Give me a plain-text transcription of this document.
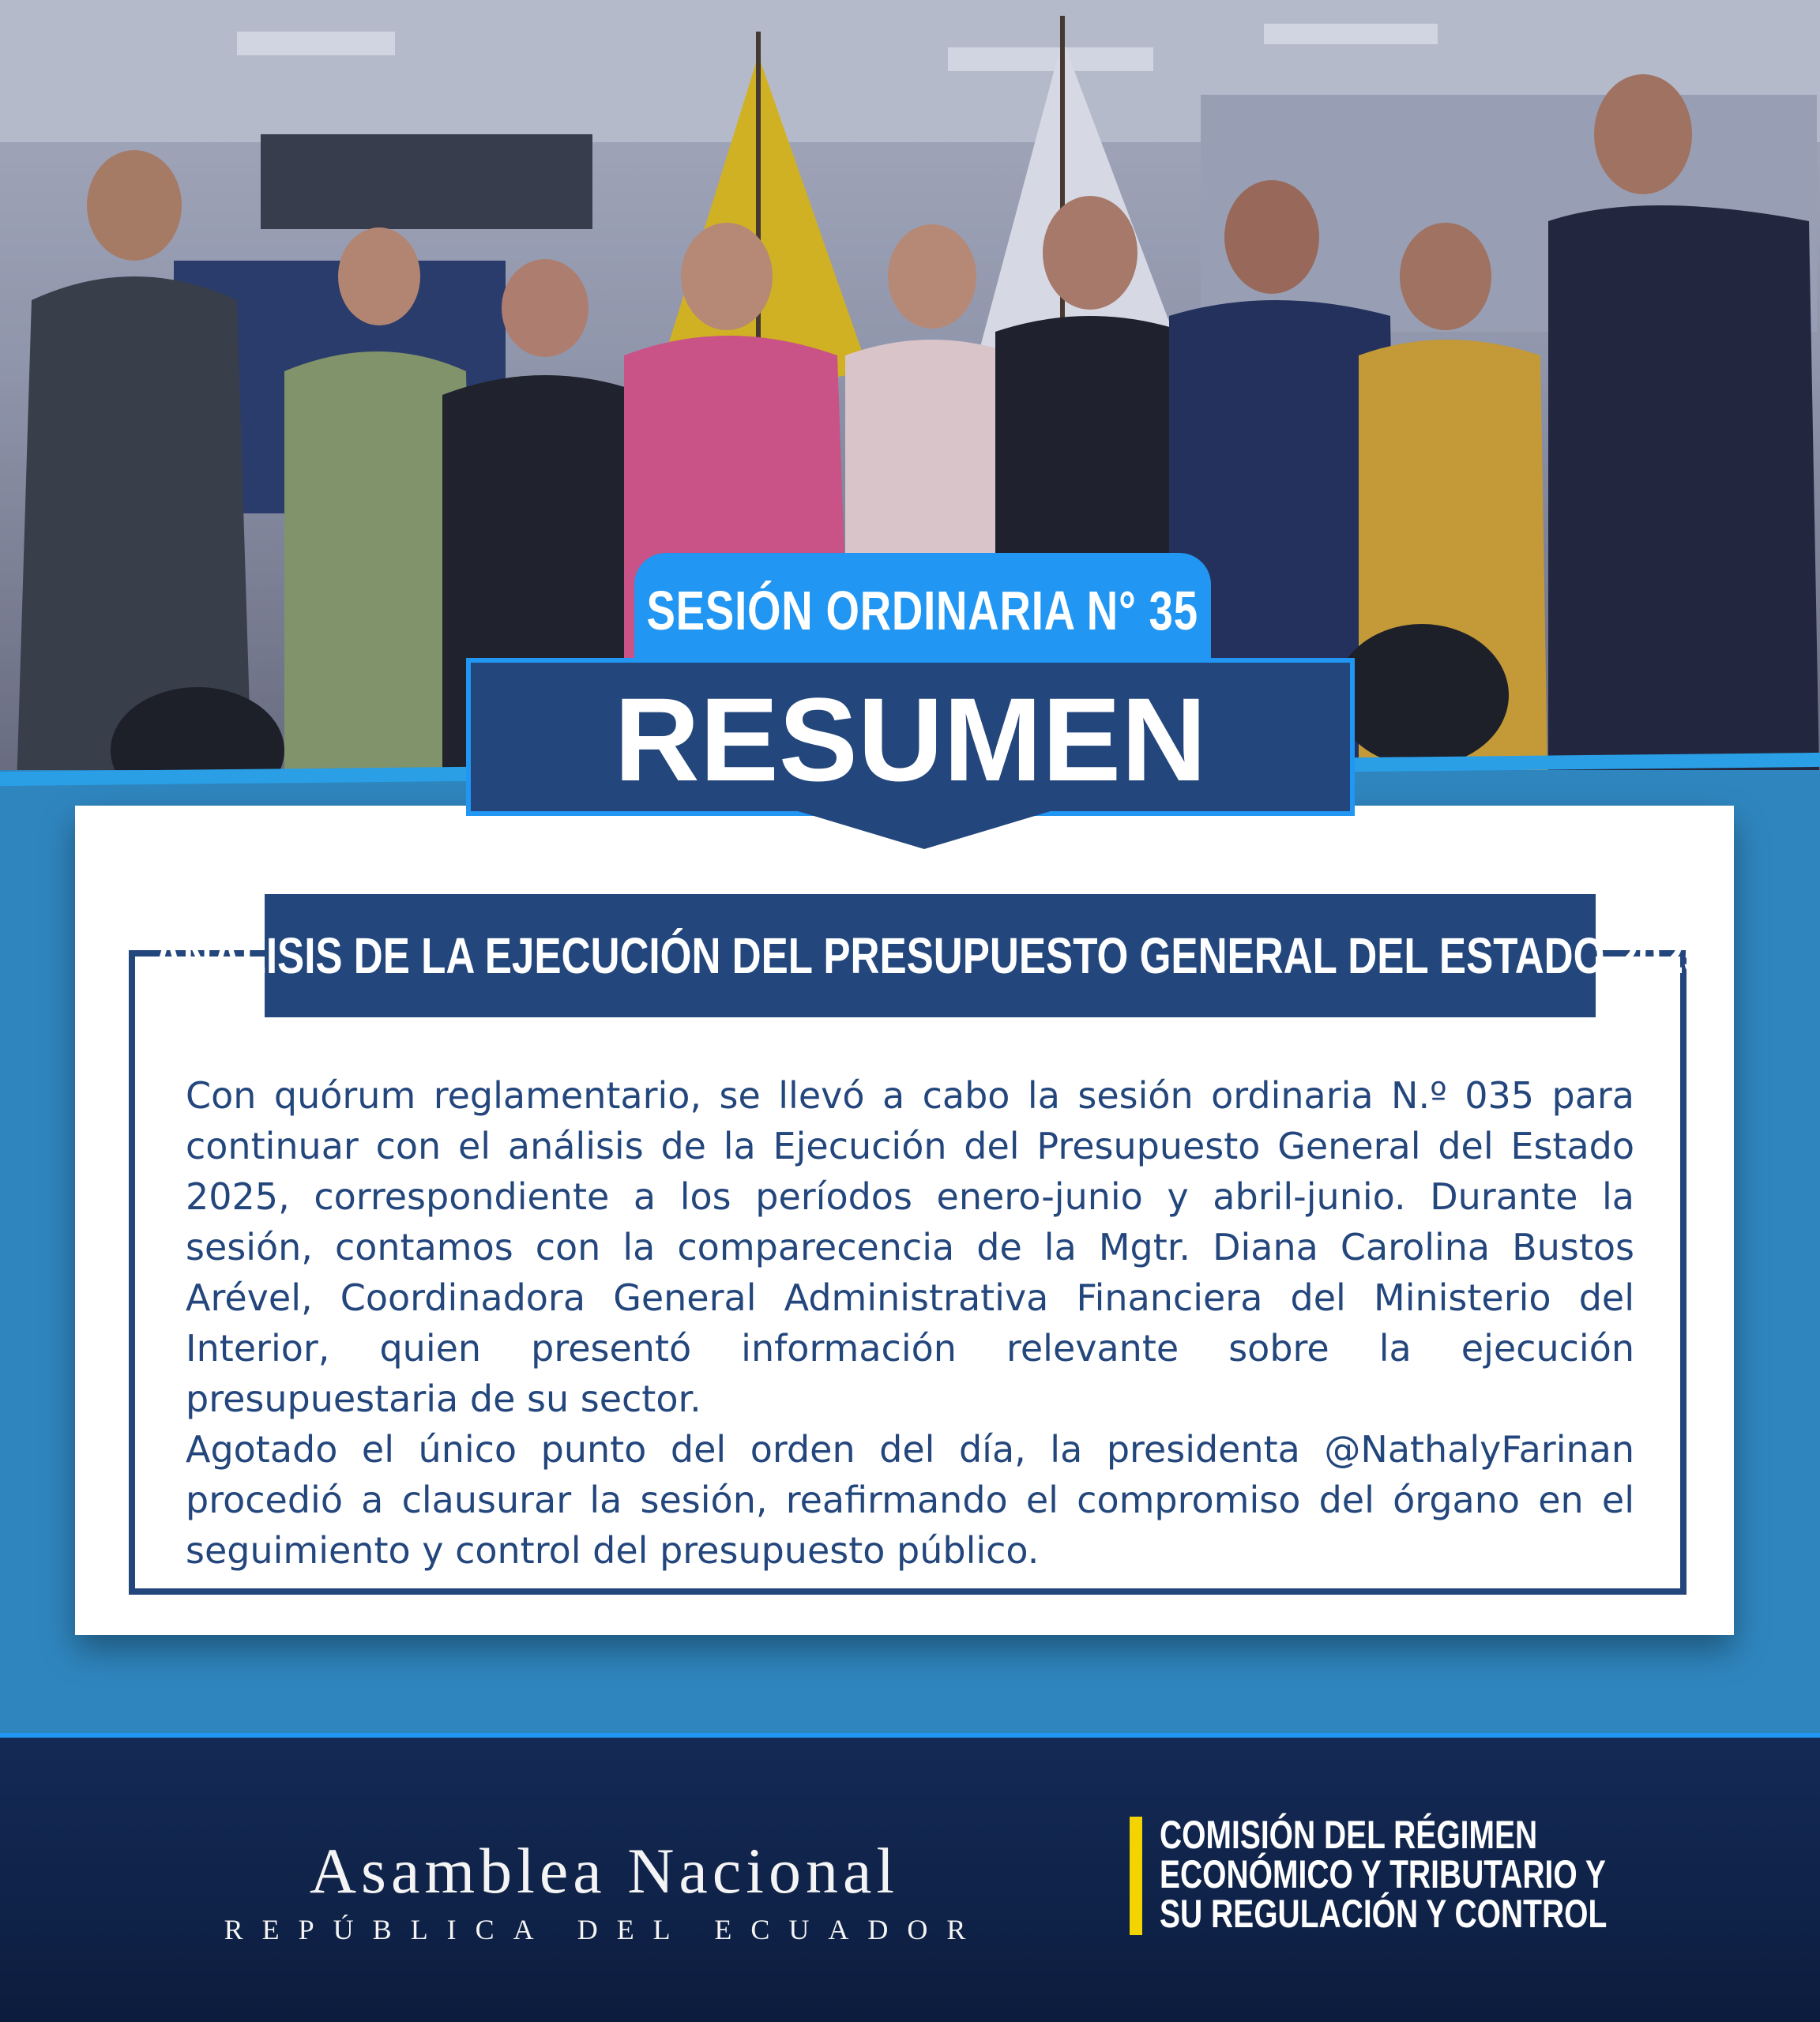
ANÁLISIS DE LA EJECUCIÓN DEL PRESUPUESTO GENERAL DEL ESTADO 2025

Con quórum reglamentario, se llevó a cabo la sesión ordinaria N.º 035 para continuar con el análisis de la Ejecución del Presupuesto General del Estado 2025, correspondiente a los períodos enero-junio y abril-junio. Durante la sesión, contamos con la comparecencia de la Mgtr. Diana Carolina Bustos Arével, Coordinadora General Administrativa Financiera del Ministerio del Interior, quien presentó información relevante sobre la ejecución presupuestaria de su sector.

Agotado el único punto del orden del día, la presidenta @NathalyFarinan procedió a clausurar la sesión, reafirmando el compromiso del órgano en el seguimiento y control del presupuesto público.

SESIÓN ORDINARIA N° 35
RESUMEN
Asamblea Nacional
REPÚBLICA DEL ECUADOR
COMISIÓN DEL RÉGIMEN
ECONÓMICO Y TRIBUTARIO Y
SU REGULACIÓN Y CONTROL
